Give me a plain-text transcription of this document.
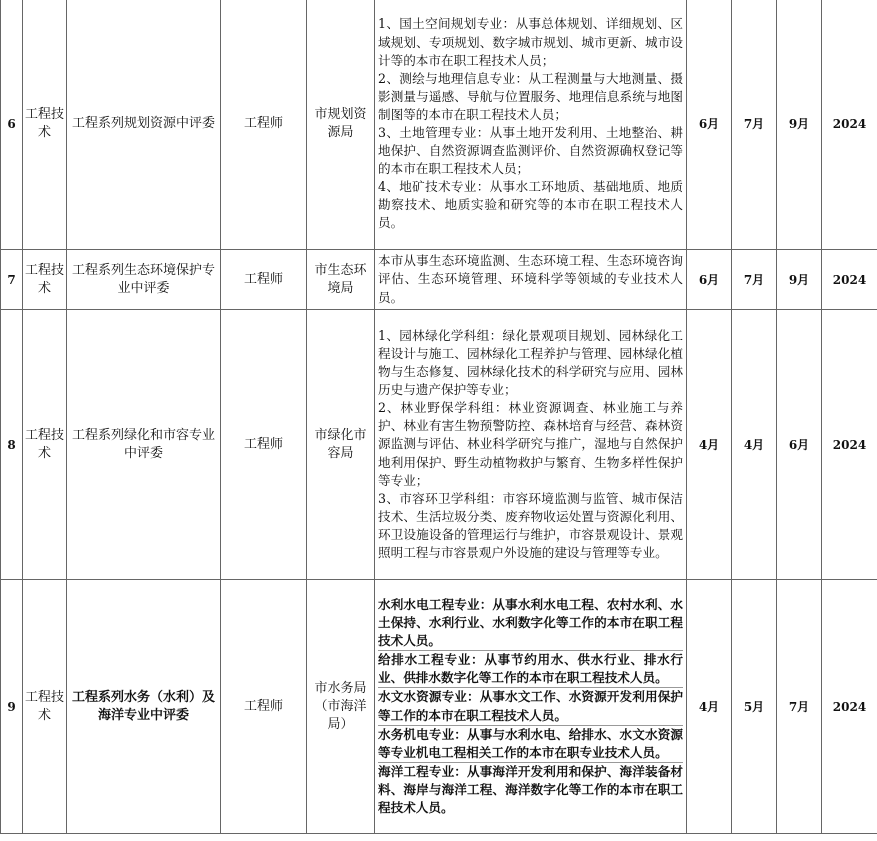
6	工程技术	工程系列规划资源中评委	工程师	市规划资源局	1、国土空间规划专业：从事总体规划、详细规划、区域规划、专项规划、数字城市规划、城市更新、城市设计等的本市在职工程技术人员；
2、测绘与地理信息专业：从工程测量与大地测量、摄影测量与遥感、导航与位置服务、地理信息系统与地图制图等的本市在职工程技术人员；
3、土地管理专业：从事土地开发利用、土地整治、耕地保护、自然资源调查监测评价、自然资源确权登记等的本市在职工程技术人员；
4、地矿技术专业：从事水工环地质、基础地质、地质勘察技术、地质实验和研究等的本市在职工程技术人员。	6月	7月	9月	2024
7	工程技术	工程系列生态环境保护专业中评委	工程师	市生态环境局	本市从事生态环境监测、生态环境工程、生态环境咨询评估、生态环境管理、环境科学等领域的专业技术人员。	6月	7月	9月	2024
8	工程技术	工程系列绿化和市容专业中评委	工程师	市绿化市容局	1、园林绿化学科组：绿化景观项目规划、园林绿化工程设计与施工、园林绿化工程养护与管理、园林绿化植物与生态修复、园林绿化技术的科学研究与应用、园林历史与遗产保护等专业；
2、林业野保学科组：林业资源调查、林业施工与养护、林业有害生物预警防控、森林培育与经营、森林资源监测与评估、林业科学研究与推广，湿地与自然保护地利用保护、野生动植物救护与繁育、生物多样性保护等专业；
3、市容环卫学科组：市容环境监测与监管、城市保洁技术、生活垃圾分类、废弃物收运处置与资源化利用、环卫设施设备的管理运行与维护，市容景观设计、景观照明工程与市容景观户外设施的建设与管理等专业。	4月	4月	6月	2024
9	工程技术	工程系列水务（水利）及海洋专业中评委	工程师	市水务局（市海洋局）	水利水电工程专业：从事水利水电工程、农村水利、水土保持、水利行业、水利数字化等工作的本市在职工程技术人员。
给排水工程专业：从事节约用水、供水行业、排水行业、供排水数字化等工作的本市在职工程技术人员。
水文水资源专业：从事水文工作、水资源开发利用保护等工作的本市在职工程技术人员。
水务机电专业：从事与水利水电、给排水、水文水资源等专业机电工程相关工作的本市在职专业技术人员。
海洋工程专业：从事海洋开发利用和保护、海洋装备材料、海岸与海洋工程、海洋数字化等工作的本市在职工程技术人员。	4月	5月	7月	2024
